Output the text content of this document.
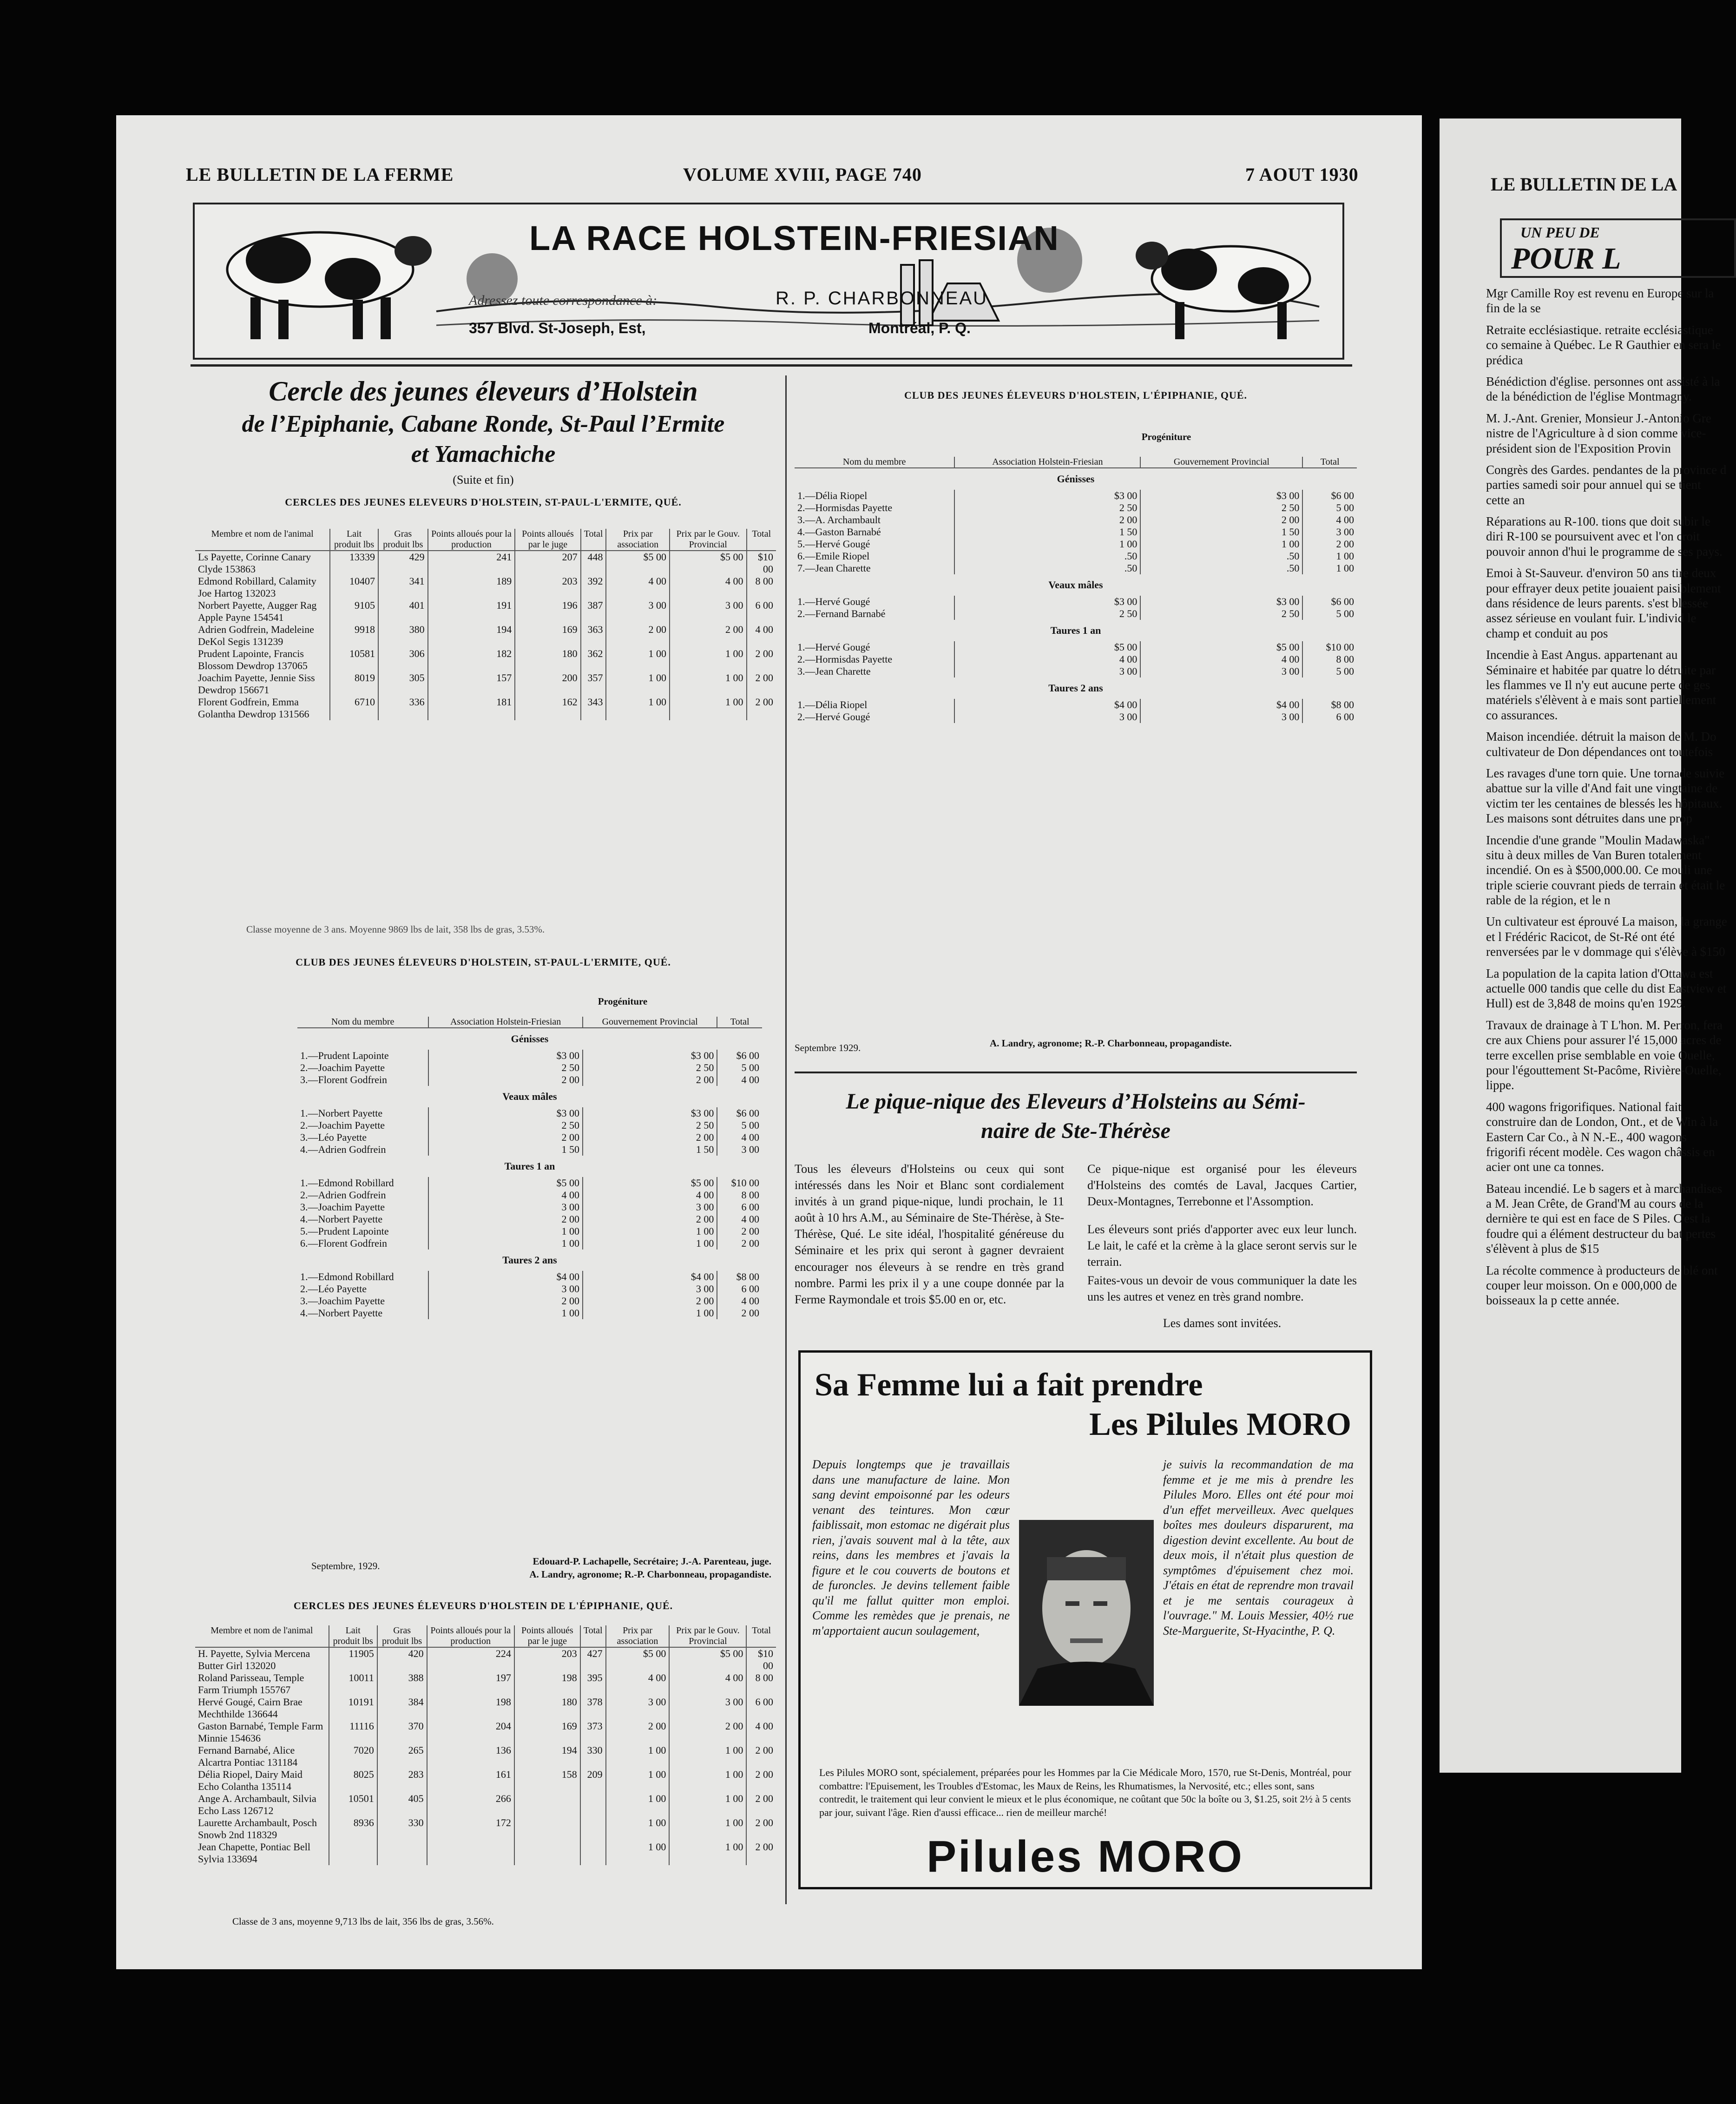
LE BULLETIN DE LA FERME	VOLUME XVIII, PAGE 740	7 AOUT 1930
LA RACE HOLSTEIN-FRIESIAN
Adressez toute correspondance à:	R. P. CHARBONNEAU
357 Blvd. St-Joseph, Est,	Montréal, P. Q.
Cercle des jeunes éleveurs d’Holstein
de l’Epiphanie, Cabane Ronde, St-Paul l’Ermite
et Yamachiche
(Suite et fin)
CERCLES DES JEUNES ELEVEURS D'HOLSTEIN, ST-PAUL-L'ERMITE, QUÉ.
Membre et nom de l'animal	Lait produit lbs	Gras produit lbs	Points alloués pour la production	Points alloués par le juge	Total	Prix par association	Prix par le Gouv. Provincial	Total
Ls Payette, Corinne Canary Clyde 153863	13339	429	241	207	448	$5 00	$5 00	$10 00
Edmond Robillard, Calamity Joe Hartog 132023	10407	341	189	203	392	4 00	4 00	8 00
Norbert Payette, Augger Rag Apple Payne 154541	9105	401	191	196	387	3 00	3 00	6 00
Adrien Godfrein, Madeleine DeKol Segis 131239	9918	380	194	169	363	2 00	2 00	4 00
Prudent Lapointe, Francis Blossom Dewdrop 137065	10581	306	182	180	362	1 00	1 00	2 00
Joachim Payette, Jennie Siss Dewdrop 156671	8019	305	157	200	357	1 00	1 00	2 00
Florent Godfrein, Emma Golantha Dewdrop 131566	6710	336	181	162	343	1 00	1 00	2 00
Classe moyenne de 3 ans. Moyenne 9869 lbs de lait, 358 lbs de gras, 3.53%.
CLUB DES JEUNES ÉLEVEURS D'HOLSTEIN, ST-PAUL-L'ERMITE, QUÉ.
Progéniture
Nom du membre	Association Holstein-Friesian	Gouvernement Provincial	Total
Génisses			
1.—Prudent Lapointe	$3 00	$3 00	$6 00
2.—Joachim Payette	2 50	2 50	5 00
3.—Florent Godfrein	2 00	2 00	4 00
Veaux mâles			
1.—Norbert Payette	$3 00	$3 00	$6 00
2.—Joachim Payette	2 50	2 50	5 00
3.—Léo Payette	2 00	2 00	4 00
4.—Adrien Godfrein	1 50	1 50	3 00
Taures 1 an			
1.—Edmond Robillard	$5 00	$5 00	$10 00
2.—Adrien Godfrein	4 00	4 00	8 00
3.—Joachim Payette	3 00	3 00	6 00
4.—Norbert Payette	2 00	2 00	4 00
5.—Prudent Lapointe	1 00	1 00	2 00
6.—Florent Godfrein	1 00	1 00	2 00
Taures 2 ans			
1.—Edmond Robillard	$4 00	$4 00	$8 00
2.—Léo Payette	3 00	3 00	6 00
3.—Joachim Payette	2 00	2 00	4 00
4.—Norbert Payette	1 00	1 00	2 00
Septembre, 1929.	Edouard-P. Lachapelle, Secrétaire; J.-A. Parenteau, juge.
A. Landry, agronome; R.-P. Charbonneau, propagandiste.
CERCLES DES JEUNES ÉLEVEURS D'HOLSTEIN DE L'ÉPIPHANIE, QUÉ.
Membre et nom de l'animal	Lait produit lbs	Gras produit lbs	Points alloués pour la production	Points alloués par le juge	Total	Prix par association	Prix par le Gouv. Provincial	Total
H. Payette, Sylvia Mercena Butter Girl 132020	11905	420	224	203	427	$5 00	$5 00	$10 00
Roland Parisseau, Temple Farm Triumph 155767	10011	388	197	198	395	4 00	4 00	8 00
Hervé Gougé, Cairn Brae Mechthilde 136644	10191	384	198	180	378	3 00	3 00	6 00
Gaston Barnabé, Temple Farm Minnie 154636	11116	370	204	169	373	2 00	2 00	4 00
Fernand Barnabé, Alice Alcartra Pontiac 131184	7020	265	136	194	330	1 00	1 00	2 00
Délia Riopel, Dairy Maid Echo Colantha 135114	8025	283	161	158	209	1 00	1 00	2 00
Ange A. Archambault, Silvia Echo Lass 126712	10501	405	266			1 00	1 00	2 00
Laurette Archambault, Posch Snowb 2nd 118329	8936	330	172			1 00	1 00	2 00
Jean Chapette, Pontiac Bell Sylvia 133694						1 00	1 00	2 00
Classe de 3 ans, moyenne 9,713 lbs de lait, 356 lbs de gras, 3.56%.
CLUB DES JEUNES ÉLEVEURS D'HOLSTEIN, L'ÉPIPHANIE, QUÉ.
Progéniture
Nom du membre	Association Holstein-Friesian	Gouvernement Provincial	Total
Génisses			
1.—Délia Riopel	$3 00	$3 00	$6 00
2.—Hormisdas Payette	2 50	2 50	5 00
3.—A. Archambault	2 00	2 00	4 00
4.—Gaston Barnabé	1 50	1 50	3 00
5.—Hervé Gougé	1 00	1 00	2 00
6.—Emile Riopel	.50	.50	1 00
7.—Jean Charette	.50	.50	1 00
Veaux mâles			
1.—Hervé Gougé	$3 00	$3 00	$6 00
2.—Fernand Barnabé	2 50	2 50	5 00
Taures 1 an			
1.—Hervé Gougé	$5 00	$5 00	$10 00
2.—Hormisdas Payette	4 00	4 00	8 00
3.—Jean Charette	3 00	3 00	5 00
Taures 2 ans			
1.—Délia Riopel	$4 00	$4 00	$8 00
2.—Hervé Gougé	3 00	3 00	6 00
Septembre 1929.	A. Landry, agronome; R.-P. Charbonneau, propagandiste.
Le pique-nique des Eleveurs d’Holsteins au Sémi-
naire de Ste-Thérèse
Tous les éleveurs d'Holsteins ou ceux qui sont intéressés dans les Noir et Blanc sont cordialement invités à un grand pique-nique, lundi prochain, le 11 août à 10 hrs A.M., au Séminaire de Ste-Thérèse, à Ste-Thérèse, Qué. Le site idéal, l'hospitalité généreuse du Séminaire et les prix qui seront à gagner devraient encourager nos éleveurs à se rendre en très grand nombre. Parmi les prix il y a une coupe donnée par la Ferme Raymondale et trois $5.00 en or, etc.
Ce pique-nique est organisé pour les éleveurs d'Holsteins des comtés de Laval, Jacques Cartier, Deux-Montagnes, Terrebonne et l'Assomption.
Les éleveurs sont priés d'apporter avec eux leur lunch. Le lait, le café et la crème à la glace seront servis sur le terrain.
Faites-vous un devoir de vous communiquer la date les uns les autres et venez en très grand nombre.
Les dames sont invitées.
Sa Femme lui a fait prendre
Les Pilules MORO
Depuis longtemps que je travaillais dans une manufacture de laine. Mon sang devint empoisonné par les odeurs venant des teintures. Mon cœur faiblissait, mon estomac ne digérait plus rien, j'avais souvent mal à la tête, aux reins, dans les membres et j'avais la figure et le cou couverts de boutons et de furoncles. Je devins tellement faible qu'il me fallut quitter mon emploi. Comme les remèdes que je prenais, ne m'apportaient aucun soulagement,
je suivis la recommandation de ma femme et je me mis à prendre les Pilules Moro. Elles ont été pour moi d'un effet merveilleux. Avec quelques boîtes mes douleurs disparurent, ma digestion devint excellente. Au bout de deux mois, il n'était plus question de symptômes d'épuisement chez moi. J'étais en état de reprendre mon travail et je me sentais courageux à l'ouvrage." M. Louis Messier, 40½ rue Ste-Marguerite, St-Hyacinthe, P. Q.
Les Pilules MORO sont, spécialement, préparées pour les Hommes par la Cie Médicale Moro, 1570, rue St-Denis, Montréal, pour combattre: l'Epuisement, les Troubles d'Estomac, les Maux de Reins, les Rhumatismes, la Nervosité, etc.; elles sont, sans contredit, le traitement qui leur convient le mieux et le plus économique, ne coûtant que 50c la boîte ou 3, $1.25, soit 2½ à 5 cents par jour, suivant l'âge. Rien d'aussi efficace... rien de meilleur marché!
Pilules MORO
LE BULLETIN DE LA
UN PEU DE
POUR L

Mgr Camille Roy est revenu en Europe sur la fin de la se

Retraite ecclésiastique. retraite ecclésiastique co semaine à Québec. Le R Gauthier en sera le prédica

Bénédiction d'église. personnes ont assisté à la de la bénédiction de l'église Montmagny.

M. J.-Ant. Grenier, Monsieur J.-Antonio Gre nistre de l'Agriculture à d sion comme vice-président sion de l'Exposition Provin

Congrès des Gardes. pendantes de la province d parties samedi soir pour annuel qui se tient cette an

Réparations au R-100. tions que doit subir le diri R-100 se poursuivent avec et l'on croit pouvoir annon d'hui le programme de ses pays.

Emoi à St-Sauveur. d'environ 50 ans tire deux pour effrayer deux petite jouaient paisiblement dans résidence de leurs parents. s'est blessée assez sérieuse en voulant fuir. L'individ le champ et conduit au pos

Incendie à East Angus. appartenant au Séminaire et habitée par quatre lo détruite par les flammes ve Il n'y eut aucune perte de ges matériels s'élèvent à e mais sont partiellement co assurances.

Maison incendiée. détruit la maison de M. Do cultivateur de Don dépendances ont toutefois

Les ravages d'une torn quie. Une tornade suivie abattue sur la ville d'And fait une vingtaine de victim ter les centaines de blessés les hôpitaux. Les maisons sont détruites dans une prop

Incendie d'une grande "Moulin Madawaska" situ à deux milles de Van Buren totalement incendié. On es à $500,000.00. Ce mouli une triple scierie couvrant pieds de terrain et était le rable de la région, et le n

Un cultivateur est éprouvé La maison, la grange et l Frédéric Racicot, de St-Ré ont été renversées par le v dommage qui s'élève à $150

La population de la capita lation d'Ottawa est actuelle 000 tandis que celle du dist Eastview et Hull) est de 3,848 de moins qu'en 1929.

Travaux de drainage à T L'hon. M. Perron, fera cre aux Chiens pour assurer l'é 15,000 acres de terre excellen prise semblable en voie Ouelle, pour l'égouttement St-Pacôme, Rivière-Ouelle, lippe.

400 wagons frigorifiques. National fait construire dan de London, Ont., et de Win à la Eastern Car Co., à N N.-E., 400 wagons frigorifi récent modèle. Ces wagon châssis en acier ont une ca tonnes.

Bateau incendié. Le b sagers et à marchandises a M. Jean Crête, de Grand'M au cours de la dernière te qui est en face de S Piles. C'est la foudre qui a élément destructeur du bat pertes s'élèvent à plus de $15

La récolte commence à producteurs de blé ont couper leur moisson. On e 000,000 de boisseaux la p cette année.
